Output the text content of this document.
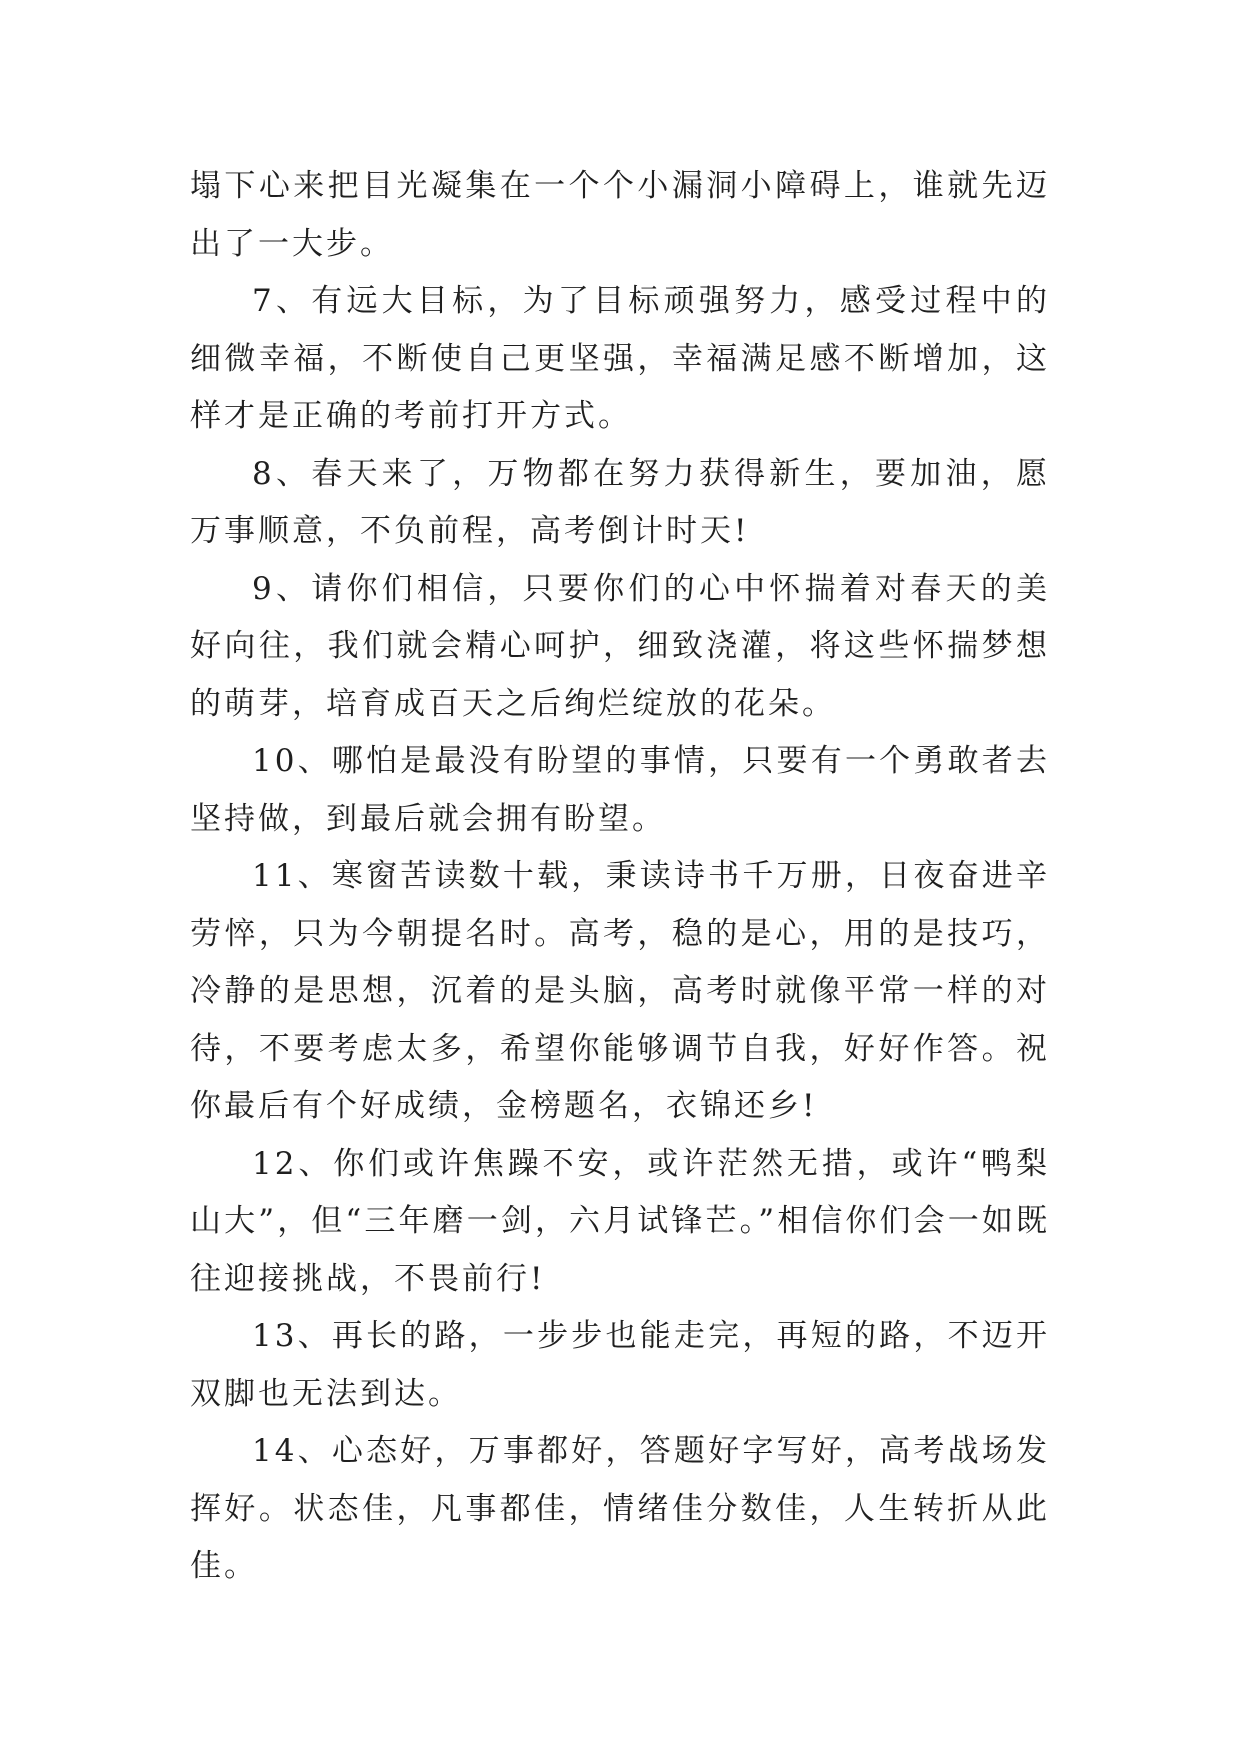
塌下心来把目光凝集在一个个小漏洞小障碍上，谁就先迈出了一大步。

7、有远大目标，为了目标顽强努力，感受过程中的细微幸福，不断使自己更坚强，幸福满足感不断增加，这样才是正确的考前打开方式。

8、春天来了，万物都在努力获得新生，要加油，愿万事顺意，不负前程，高考倒计时天!

9、请你们相信，只要你们的心中怀揣着对春天的美好向往，我们就会精心呵护，细致浇灌，将这些怀揣梦想的萌芽，培育成百天之后绚烂绽放的花朵。

10、哪怕是最没有盼望的事情，只要有一个勇敢者去坚持做，到最后就会拥有盼望。

11、寒窗苦读数十载，秉读诗书千万册，日夜奋进辛劳悴，只为今朝提名时。高考，稳的是心，用的是技巧，冷静的是思想，沉着的是头脑，高考时就像平常一样的对待，不要考虑太多，希望你能够调节自我，好好作答。祝你最后有个好成绩，金榜题名，衣锦还乡!

12、你们或许焦躁不安，或许茫然无措，或许“鸭梨山大”，但“三年磨一剑，六月试锋芒。”相信你们会一如既往迎接挑战，不畏前行!

13、再长的路，一步步也能走完，再短的路，不迈开双脚也无法到达。

14、心态好，万事都好，答题好字写好，高考战场发挥好。状态佳，凡事都佳，情绪佳分数佳，人生转折从此佳。
